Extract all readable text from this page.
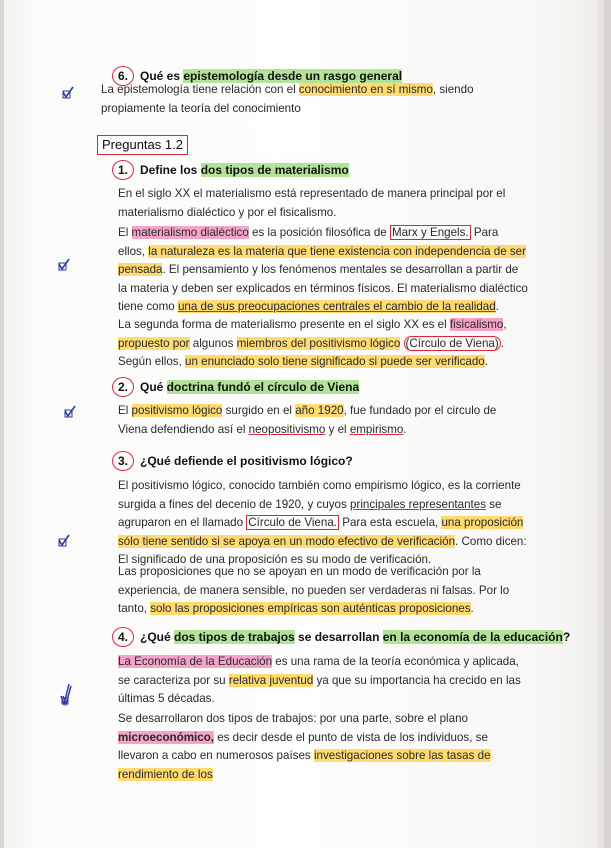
6. Qué es epistemología desde un rasgo general
La epistemología tiene relación con el conocimiento en sí mismo, siendo propiamente la teoría del conocimiento
Preguntas 1.2
1. Define los dos tipos de materialismo
En el siglo XX el materialismo está representado de manera principal por el materialismo dialéctico y por el fisicalismo.
El materialismo dialéctico es la posición filosófica de Marx y Engels. Para ellos, la naturaleza es la materia que tiene existencia con independencia de ser pensada. El pensamiento y los fenómenos mentales se desarrollan a partir de la materia y deben ser explicados en términos físicos. El materialismo dialéctico tiene como una de sus preocupaciones centrales el cambio de la realidad.
La segunda forma de materialismo presente en el siglo XX es el fisicalismo, propuesto por algunos miembros del positivismo lógico (Círculo de Viena) . Según ellos, un enunciado solo tiene significado si puede ser verificado.
2. Qué doctrina fundó el círculo de Viena
El positivismo lógico surgido en el año 1920, fue fundado por el circulo de Viena defendiendo así el neopositivismo y el empirismo.
3. ¿Qué defiende el positivismo lógico?
El positivismo lógico, conocido también como empirismo lógico, es la corriente surgida a fines del decenio de 1920, y cuyos principales representantes se agruparon en el llamado Círculo de Viena. Para esta escuela, una proposición sólo tiene sentido si se apoya en un modo efectivo de verificación. Como dicen: El significado de una proposición es su modo de verificación.
Las proposiciones que no se apoyan en un modo de verificación por la experiencia, de manera sensible, no pueden ser verdaderas ni falsas. Por lo tanto, solo las proposiciones empíricas son auténticas proposiciones.
4. ¿Qué dos tipos de trabajos se desarrollan en la economía de la educación?
La Economía de la Educación es una rama de la teoría económica y aplicada, se caracteriza por su relativa juventud ya que su importancia ha crecido en las últimas 5 décadas.
Se desarrollaron dos tipos de trabajos: por una parte, sobre el plano microeconómico, es decir desde el punto de vista de los individuos, se llevaron a cabo en numerosos países investigaciones sobre las tasas de rendimiento de los
